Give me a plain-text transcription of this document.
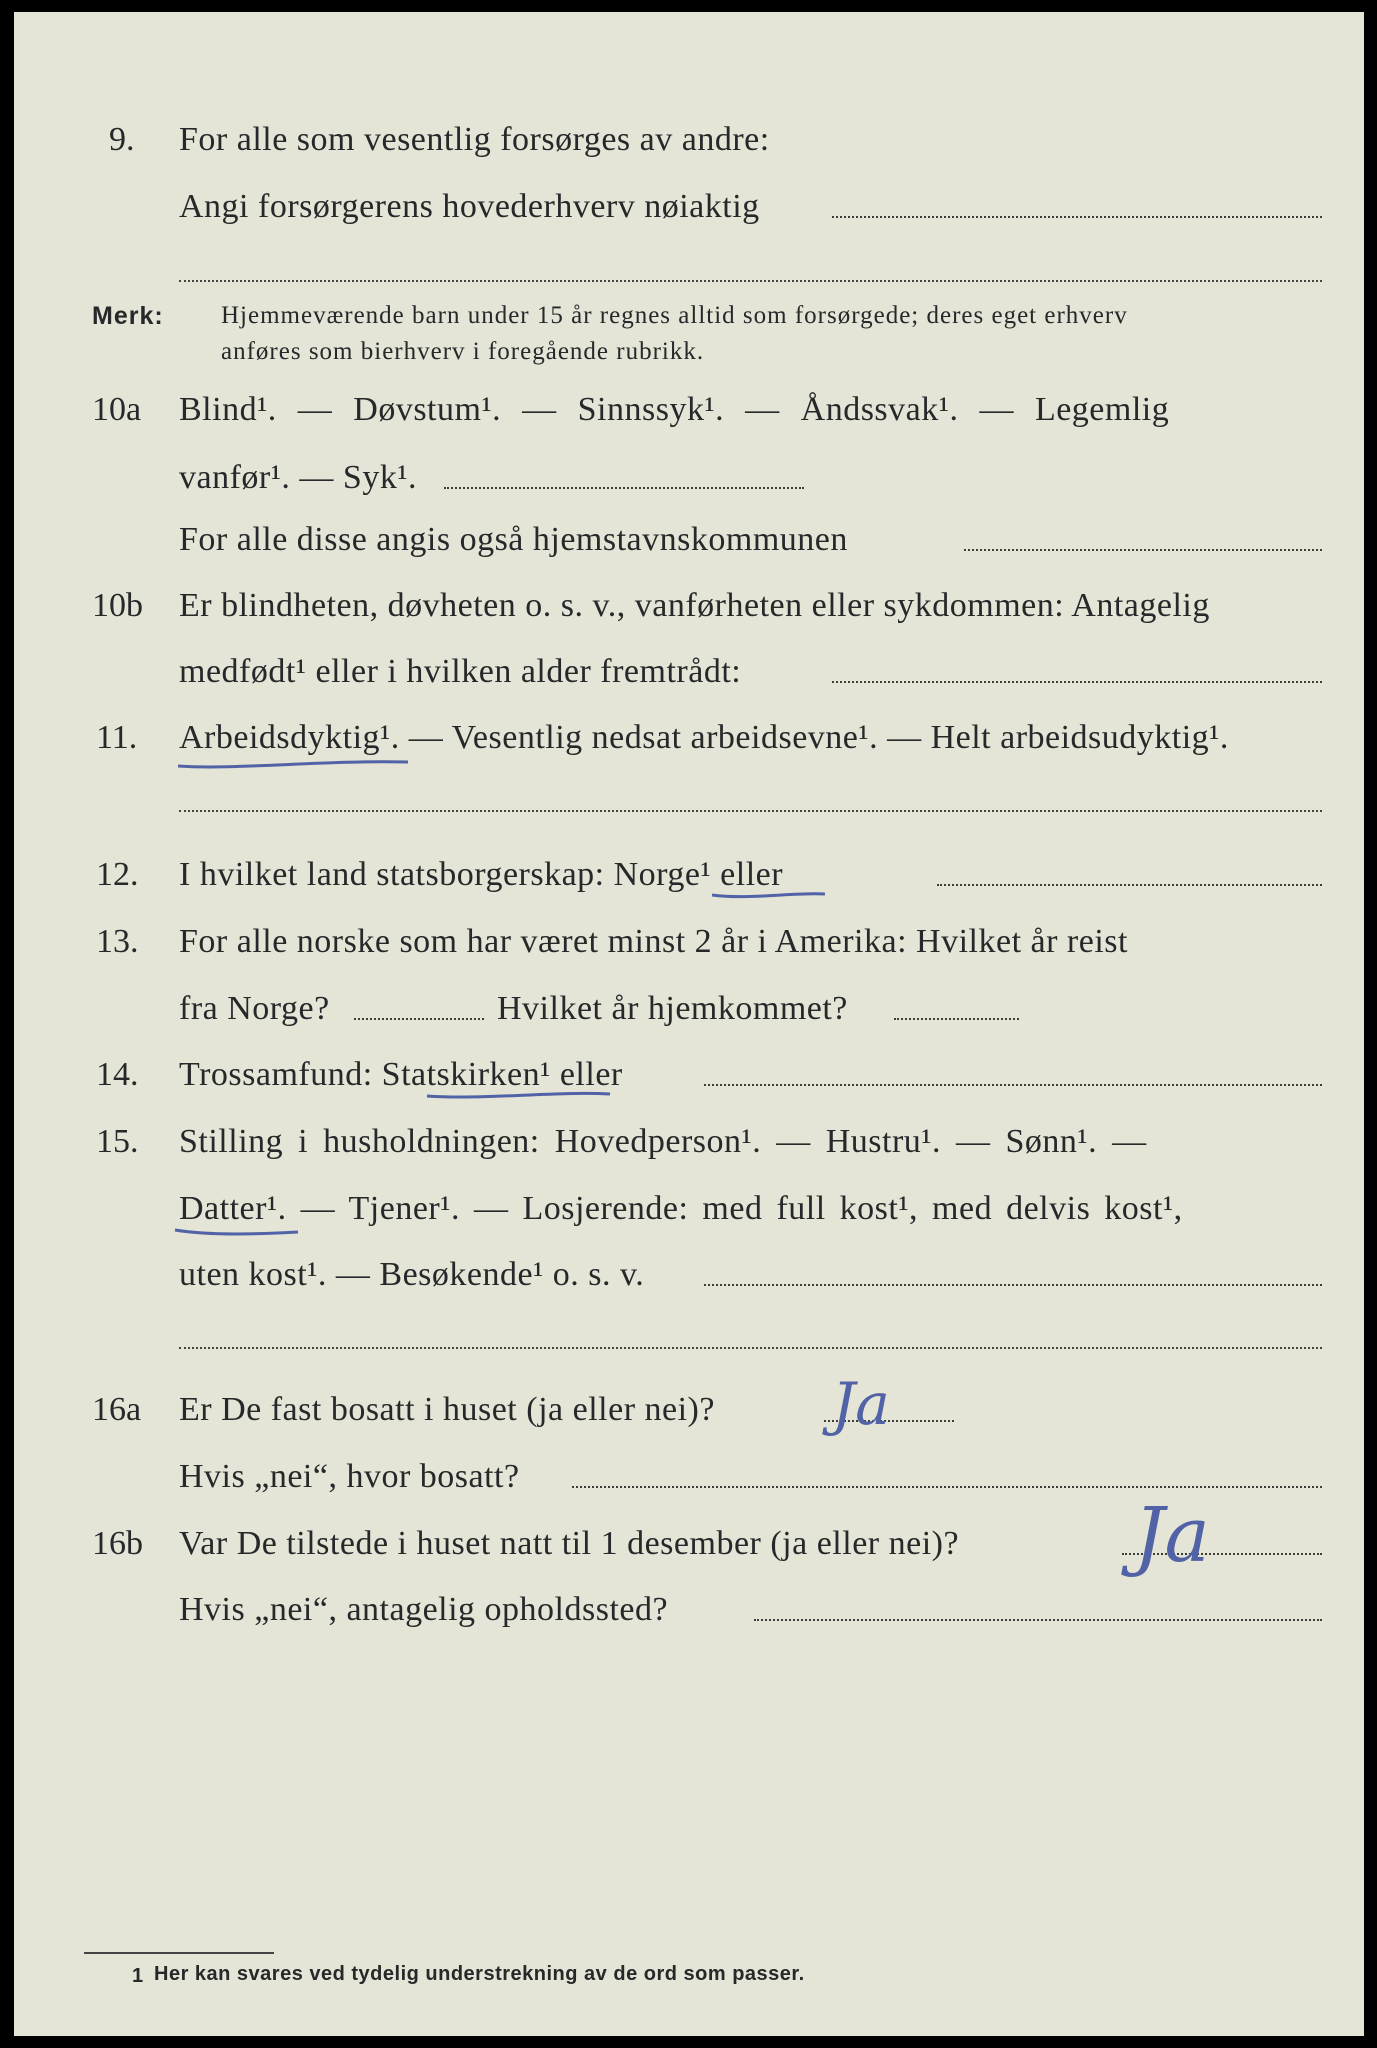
9. For alle som vesentlig forsørges av andre:
Angi forsørgerens hovederhverv nøiaktig
Merk: Hjemmeværende barn under 15 år regnes alltid som forsørgede; deres eget erhverv
anføres som bierhverv i foregående rubrikk.
10a Blind¹. — Døvstum¹. — Sinnssyk¹. — Åndssvak¹. — Legemlig
vanfør¹. — Syk¹.
For alle disse angis også hjemstavnskommunen
10b Er blindheten, døvheten o. s. v., vanførheten eller sykdommen: Antagelig
medfødt¹ eller i hvilken alder fremtrådt:
11. Arbeidsdyktig¹. — Vesentlig nedsat arbeidsevne¹. — Helt arbeidsudyktig¹.
12. I hvilket land statsborgerskap: Norge¹ eller
13. For alle norske som har været minst 2 år i Amerika: Hvilket år reist
fra Norge?	Hvilket år hjemkommet?
14. Trossamfund: Statskirken¹ eller
15. Stilling i husholdningen: Hovedperson¹. — Hustru¹. — Sønn¹. —
Datter¹. — Tjener¹. — Losjerende: med full kost¹, med delvis kost¹,
uten kost¹. — Besøkende¹ o. s. v.
16a Er De fast bosatt i huset (ja eller nei)? Ja
Hvis „nei“, hvor bosatt?
16b Var De tilstede i huset natt til 1 desember (ja eller nei)? Ja
Hvis „nei“, antagelig opholdssted?
1 Her kan svares ved tydelig understrekning av de ord som passer.
